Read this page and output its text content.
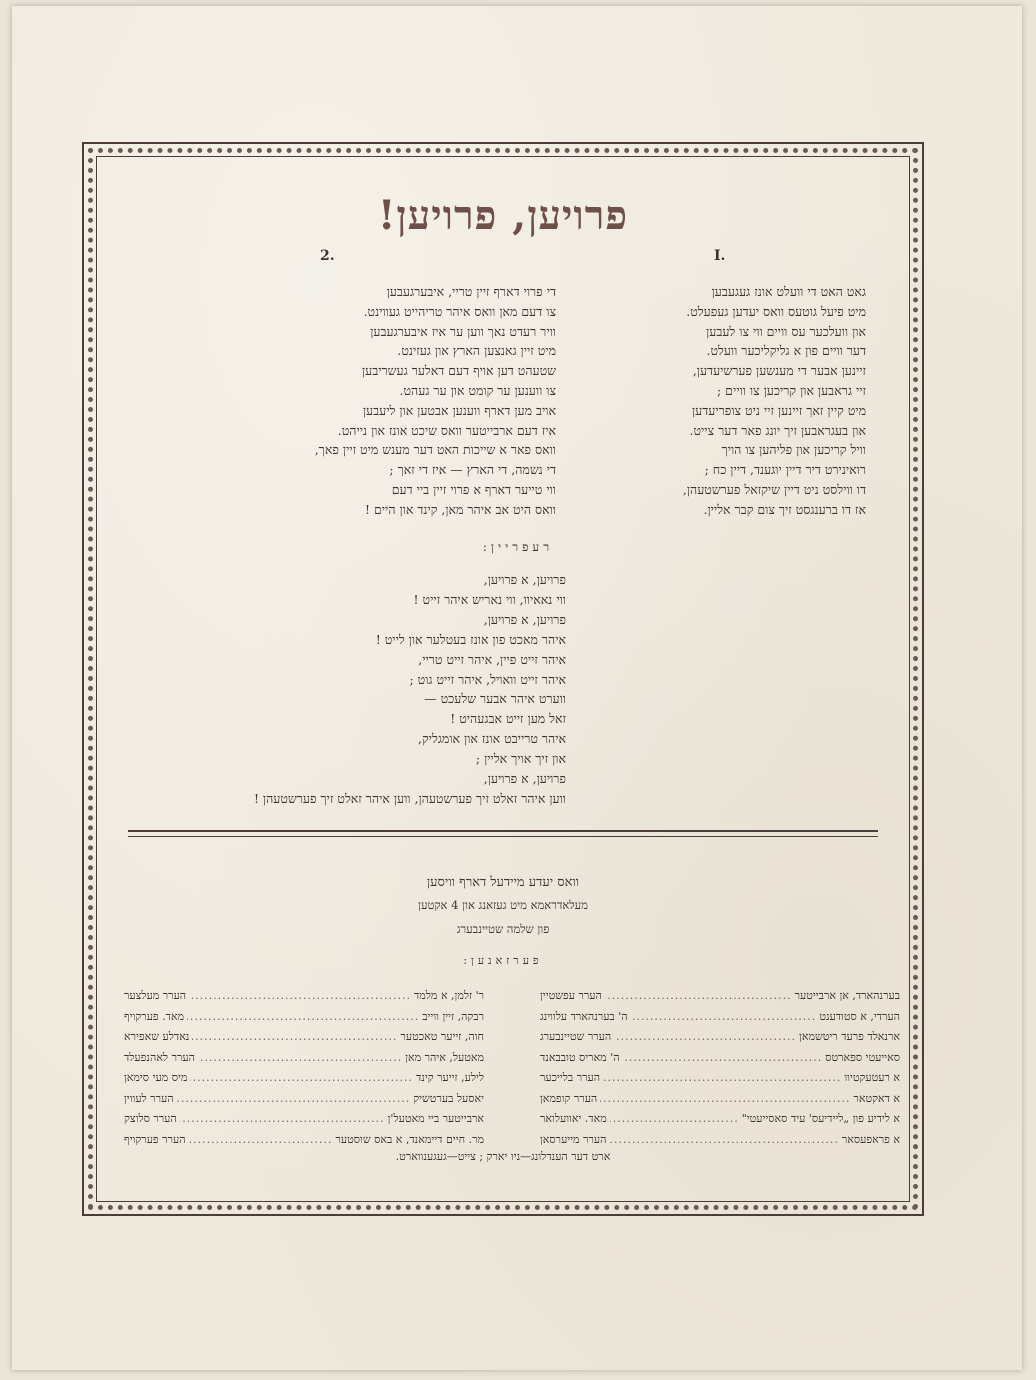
פרויען, פרויען!
I.
2.
גאט האט די וועלט אונז געגעבען
מיט פיעל גוטעס וואס יעדען געפעלט.
און וועלכער עס וויים ווי צו לעבען
דער וויים פון א גליקליכער וועלט.
זיינען אבער די מענשען פערשיעדען,
זיי גראבען און קריכען צו וויים ;
מיט קיין זאך זיינען זיי ניט צופריעדען
און בעגראבען זיך יונג פאר דער צייט.
וויל קריכען און פליהען צו הויך
רואינירט דיר דיין יוגענד, דיין כח ;
דו ווילסט ניט דיין שיקזאל פערשטעהן,
אז דו ברענגסט זיך צום קבר אליין.
די פרוי דארף זיין טריי, איבערגעבען
צו דעם מאן וואס איהר טריהייט געווינט.
וויר רעדט נאך ווען ער איז איבערגעבען
מיט זיין גאנצען הארץ און געזינט.
שטעהט דען אויף דעם דאלער געשריבען
צו ווענען ער קומט און ער געהט.
אויב מען דארף ווענען אבטען און ליעבען
איז דעם ארבייטער וואס שיכט אונז און נייהט.
וואס פאר א שייכות האט דער מענש מיט זיין פאך,
די נשמה, די הארץ — איז די זאך ;
ווי טייער דארף א פרוי זיין ביי דעם
וואס היט אב איהר מאן, קינד און היים !
רעפריין:
פרויען, א פרויען,
ווי נאאיוו, ווי נאריש איהר זייט !
פרויען, א פרויען,
איהר מאכט פון אונז בעטלער און לייט !
איהר זייט פיין, איהר זייט טריי,
איהר זייט וואויל, איהר זייט גוט ;
ווערט איהר אבער שלעכט —
זאל מען זייט אבגעהיט !
איהר טרייבט אונז און אומגליק,
און זיך אויך אליין ;
פרויען, א פרויען,
ווען איהר זאלט זיך פערשטעהן, ווען איהר זאלט זיך פערשטעהן !
וואס יעדע מיידעל דארף וויסען
מעלאדראמא מיט געזאנג און 4 אקטען
פון שלמה שטיינבערג
פערזאנען:
בערנהארד, אן ארבייטער
.....
הערר עפשטיין
הערדי, א סטודענט
.....
ה' בערנהארד עלווינג
ארנאלד פרעד ריטשמאן
.....
הערר שטיינבערג
סאייעטי ספארטס
.....
ה' מאריס טובבאנד
א רעטעקטיוו
.....
הערר בלייכער
א דאקטאר
.....
הערר קופמאן
א לידיע פון „ליידיעס' עיד סאסייעטי"
.....
מאד. יאוועלואר
א פראפעסאר
.....
הערר מייערסאן
ר' זלמן, א מלמד
.....
הערר מעלצער
רבקה, זיין ווייב
.....
מאד. פערקויף
חוה, זייער טאכטער
.....
נאדלע שאפירא
מאטעל, איהר מאן
.....
הערר לאהנפעלד
לילע, זייער קינד
.....
מיס מעי סימאן
יאסעל בערטשיק
.....
הערר לעווין
ארבייטער ביי מאטעל'ן
.....
הערר סלוצק
מר. חיים דיימאנד, א באס שוסטער
.....
הערר פערקויף
ארט דער הענדלונג—ניו יארק ; צייט—געגענווארט.
